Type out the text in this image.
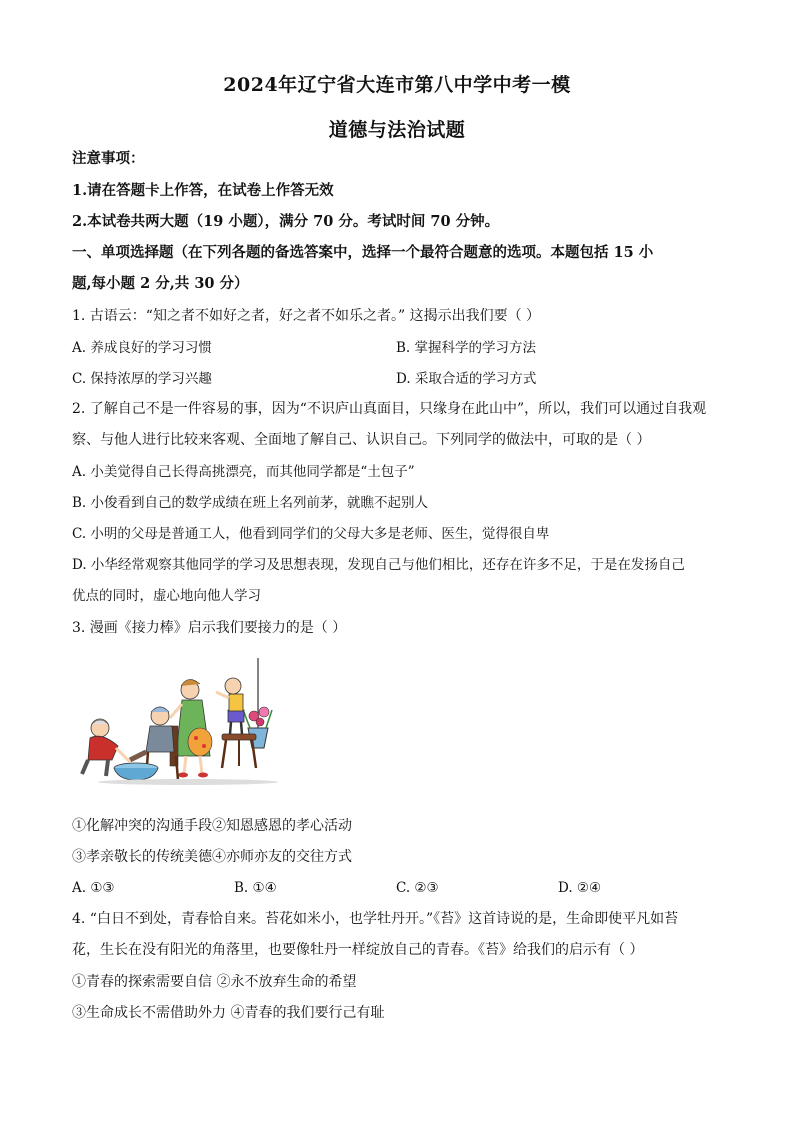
2024年辽宁省大连市第八中学中考一模
道德与法治试题
注意事项：
1.请在答题卡上作答，在试卷上作答无效
2.本试卷共两大题（19 小题），满分 70 分。考试时间 70 分钟。
一、单项选择题（在下列各题的备选答案中，选择一个最符合题意的选项。本题包括 15 小
题,每小题 2 分,共 30 分）
1. 古语云：“知之者不如好之者，好之者不如乐之者。” 这揭示出我们要（ ）
A. 养成良好的学习习惯	B. 掌握科学的学习方法
C. 保持浓厚的学习兴趣	D. 采取合适的学习方式
2. 了解自己不是一件容易的事，因为“不识庐山真面目，只缘身在此山中”，所以，我们可以通过自我观
察、与他人进行比较来客观、全面地了解自己、认识自己。下列同学的做法中，可取的是（ ）
A. 小美觉得自己长得高挑漂亮，而其他同学都是“土包子”
B. 小俊看到自己的数学成绩在班上名列前茅，就瞧不起别人
C. 小明的父母是普通工人，他看到同学们的父母大多是老师、医生，觉得很自卑
D. 小华经常观察其他同学的学习及思想表现，发现自己与他们相比，还存在许多不足，于是在发扬自己
优点的同时，虚心地向他人学习
3. 漫画《接力棒》启示我们要接力的是（ ）
①化解冲突的沟通手段②知恩感恩的孝心活动
③孝亲敬长的传统美德④亦师亦友的交往方式
A. ①③	B. ①④	C. ②③	D. ②④
4. “白日不到处，青春恰自来。苔花如米小，也学牡丹开。”《苔》这首诗说的是，生命即使平凡如苔
花，生长在没有阳光的角落里，也要像牡丹一样绽放自己的青春。《苔》给我们的启示有（ ）
①青春的探索需要自信 ②永不放弃生命的希望
③生命成长不需借助外力 ④青春的我们要行己有耻
